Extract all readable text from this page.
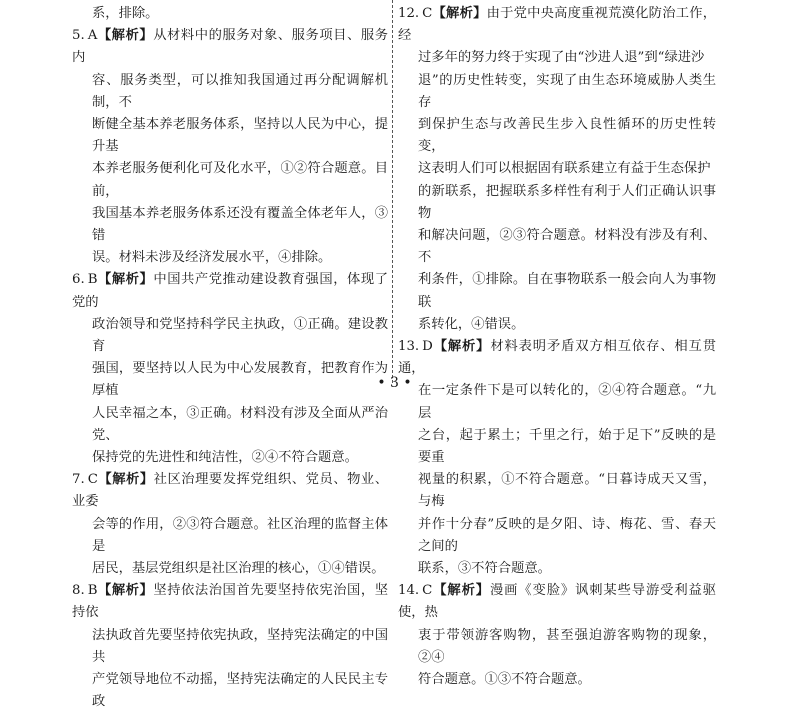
系，排除。
5. A【解析】从材料中的服务对象、服务项目、服务内
容、服务类型，可以推知我国通过再分配调解机制，不
断健全基本养老服务体系，坚持以人民为中心，提升基
本养老服务便利化可及化水平，①②符合题意。目前，
我国基本养老服务体系还没有覆盖全体老年人，③错
误。材料未涉及经济发展水平，④排除。
6. B【解析】中国共产党推动建设教育强国，体现了党的
政治领导和党坚持科学民主执政，①正确。建设教育
强国，要坚持以人民为中心发展教育，把教育作为厚植
人民幸福之本，③正确。材料没有涉及全面从严治党、
保持党的先进性和纯洁性，②④不符合题意。
7. C【解析】社区治理要发挥党组织、党员、物业、业委
会等的作用，②③符合题意。社区治理的监督主体是
居民，基层党组织是社区治理的核心，①④错误。
8. B【解析】坚持依法治国首先要坚持依宪治国，坚持依
法执政首先要坚持依宪执政，坚持宪法确定的中国共
产党领导地位不动摇，坚持宪法确定的人民民主专政
12. C【解析】由于党中央高度重视荒漠化防治工作，经
过多年的努力终于实现了由“沙进人退”到“绿进沙
退”的历史性转变，实现了由生态环境威胁人类生存
到保护生态与改善民生步入良性循环的历史性转变，
这表明人们可以根据固有联系建立有益于生态保护
的新联系，把握联系多样性有利于人们正确认识事物
和解决问题，②③符合题意。材料没有涉及有利、不
利条件，①排除。自在事物联系一般会向人为事物联
系转化，④错误。
13. D【解析】材料表明矛盾双方相互依存、相互贯通，
在一定条件下是可以转化的，②④符合题意。“九层
之台，起于累土；千里之行，始于足下”反映的是要重
视量的积累，①不符合题意。“日暮诗成天又雪，与梅
并作十分春”反映的是夕阳、诗、梅花、雪、春天之间的
联系，③不符合题意。
14. C【解析】漫画《变脸》讽刺某些导游受利益驱使，热
衷于带领游客购物，甚至强迫游客购物的现象，②④
符合题意。①③不符合题意。
• 3 •
